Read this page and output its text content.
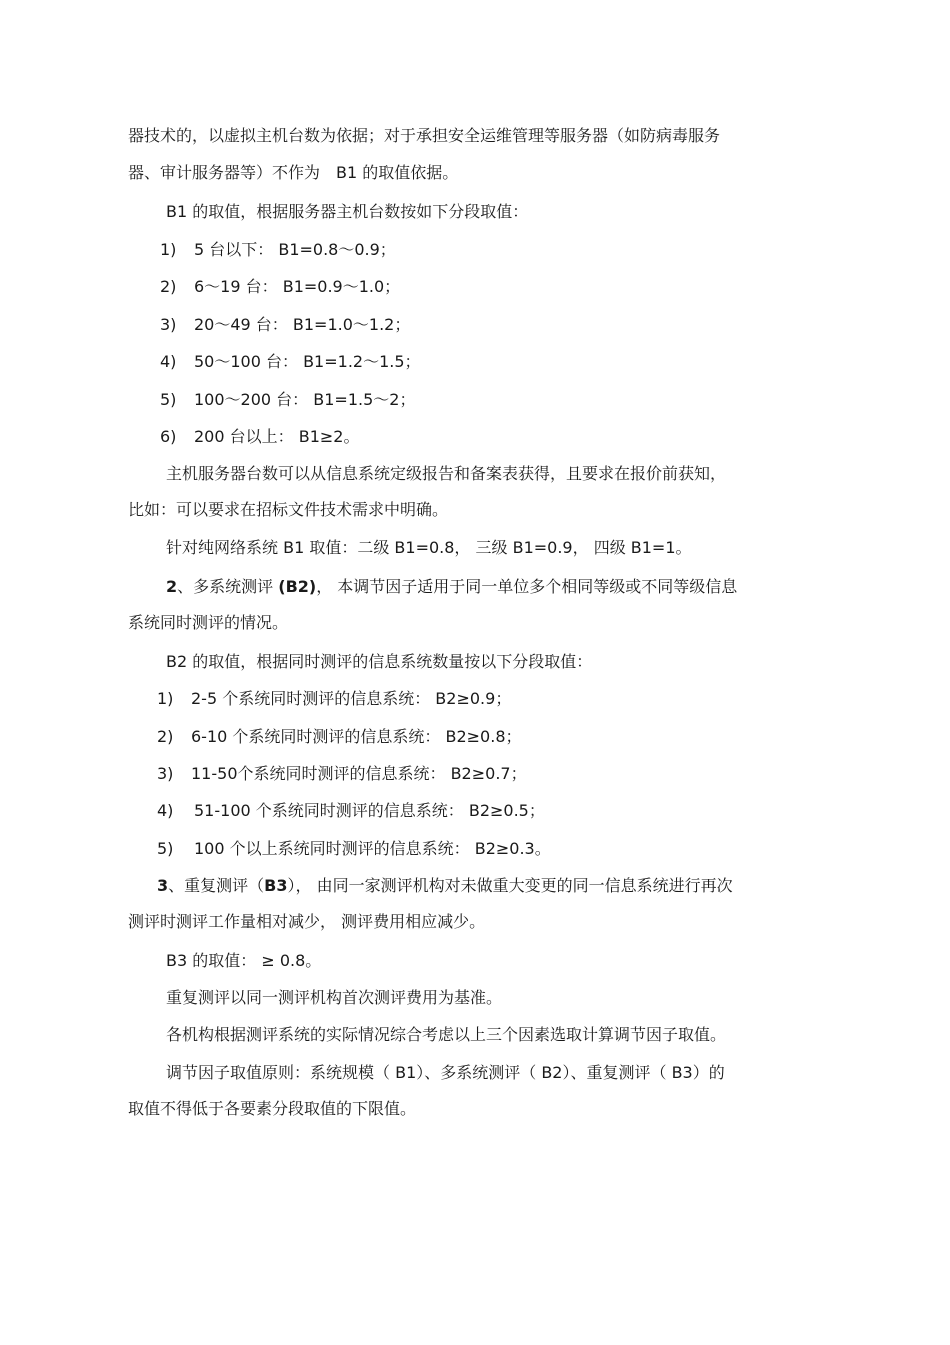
器技术的，以虚拟主机台数为依据；对于承担安全运维管理等服务器（如防病毒服务
器、审计服务器等）不作为　B1 的取值依据。
B1 的取值，根据服务器主机台数按如下分段取值：
1) 5 台以下： B1=0.8～0.9；
2) 6～19 台： B1=0.9～1.0；
3) 20～49 台： B1=1.0～1.2；
4) 50～100 台： B1=1.2～1.5；
5) 100～200 台： B1=1.5～2；
6) 200 台以上： B1≥2。
主机服务器台数可以从信息系统定级报告和备案表获得，且要求在报价前获知，
比如：可以要求在招标文件技术需求中明确。
针对纯网络系统 B1 取值：二级 B1=0.8， 三级 B1=0.9， 四级 B1=1。
2、多系统测评 (B2)， 本调节因子适用于同一单位多个相同等级或不同等级信息
系统同时测评的情况。
B2 的取值，根据同时测评的信息系统数量按以下分段取值：
1) 2-5 个系统同时测评的信息系统： B2≥0.9；
2) 6-10 个系统同时测评的信息系统： B2≥0.8；
3) 11-50个系统同时测评的信息系统： B2≥0.7；
4) 51-100 个系统同时测评的信息系统： B2≥0.5；
5) 100 个以上系统同时测评的信息系统： B2≥0.3。
3、重复测评（B3）， 由同一家测评机构对未做重大变更的同一信息系统进行再次
测评时测评工作量相对减少， 测评费用相应减少。
B3 的取值： ≥ 0.8。
重复测评以同一测评机构首次测评费用为基准。
各机构根据测评系统的实际情况综合考虑以上三个因素选取计算调节因子取值。
调节因子取值原则：系统规模（ B1）、多系统测评（ B2）、重复测评（ B3）的
取值不得低于各要素分段取值的下限值。
